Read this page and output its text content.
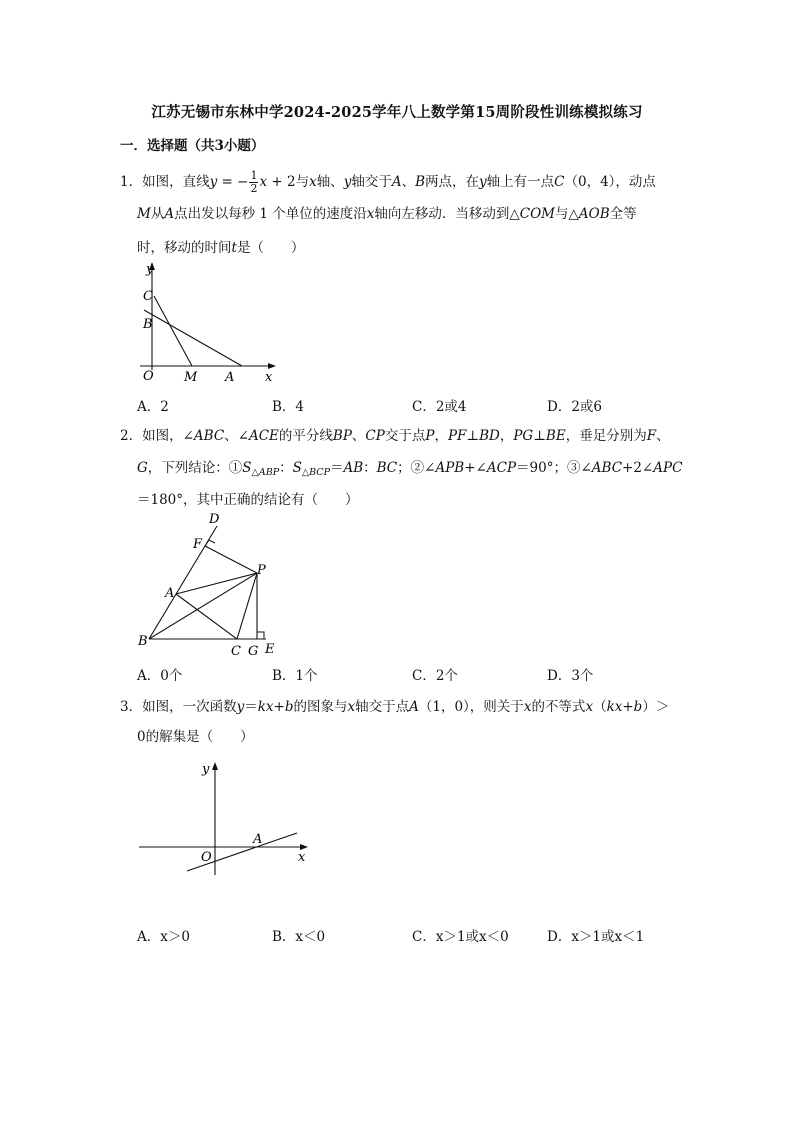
江苏无锡市东林中学2024-2025学年八上数学第15周阶段性训练模拟练习
一．选择题（共3小题）
1．如图，直线y = − $\frac{1}{2}$ x + 2与x轴、y轴交于A、B两点，在y轴上有一点C（0，4），动点
M从A点出发以每秒 1 个单位的速度沿x轴向左移动．当移动到△COM与△AOB全等
时，移动的时间t是（　　）
y
C
B
O M A x
A．2	B．4	C．2或4	D．2或6
2．如图，∠ABC、∠ACE的平分线BP、CP交于点P，PF⊥BD，PG⊥BE，垂足分别为F、
G，下列结论：$①S_{\triangle ABP}$：$S_{\triangle BCP}=AB$：BC；②∠APB+∠ACP＝90°；③∠ABC+2∠APC
＝180°，其中正确的结论有（　　）
D
F
P
A
B
C G E
A．0个	B．1个	C．2个	D．3个
3．如图，一次函数y＝kx+b的图象与x轴交于点A（1，0），则关于x的不等式x（kx+b）＞
0的解集是（　　）
y
O
A
x
A．x＞0	B．x＜0	C．x＞1或x＜0	D．x＞1或x＜1
